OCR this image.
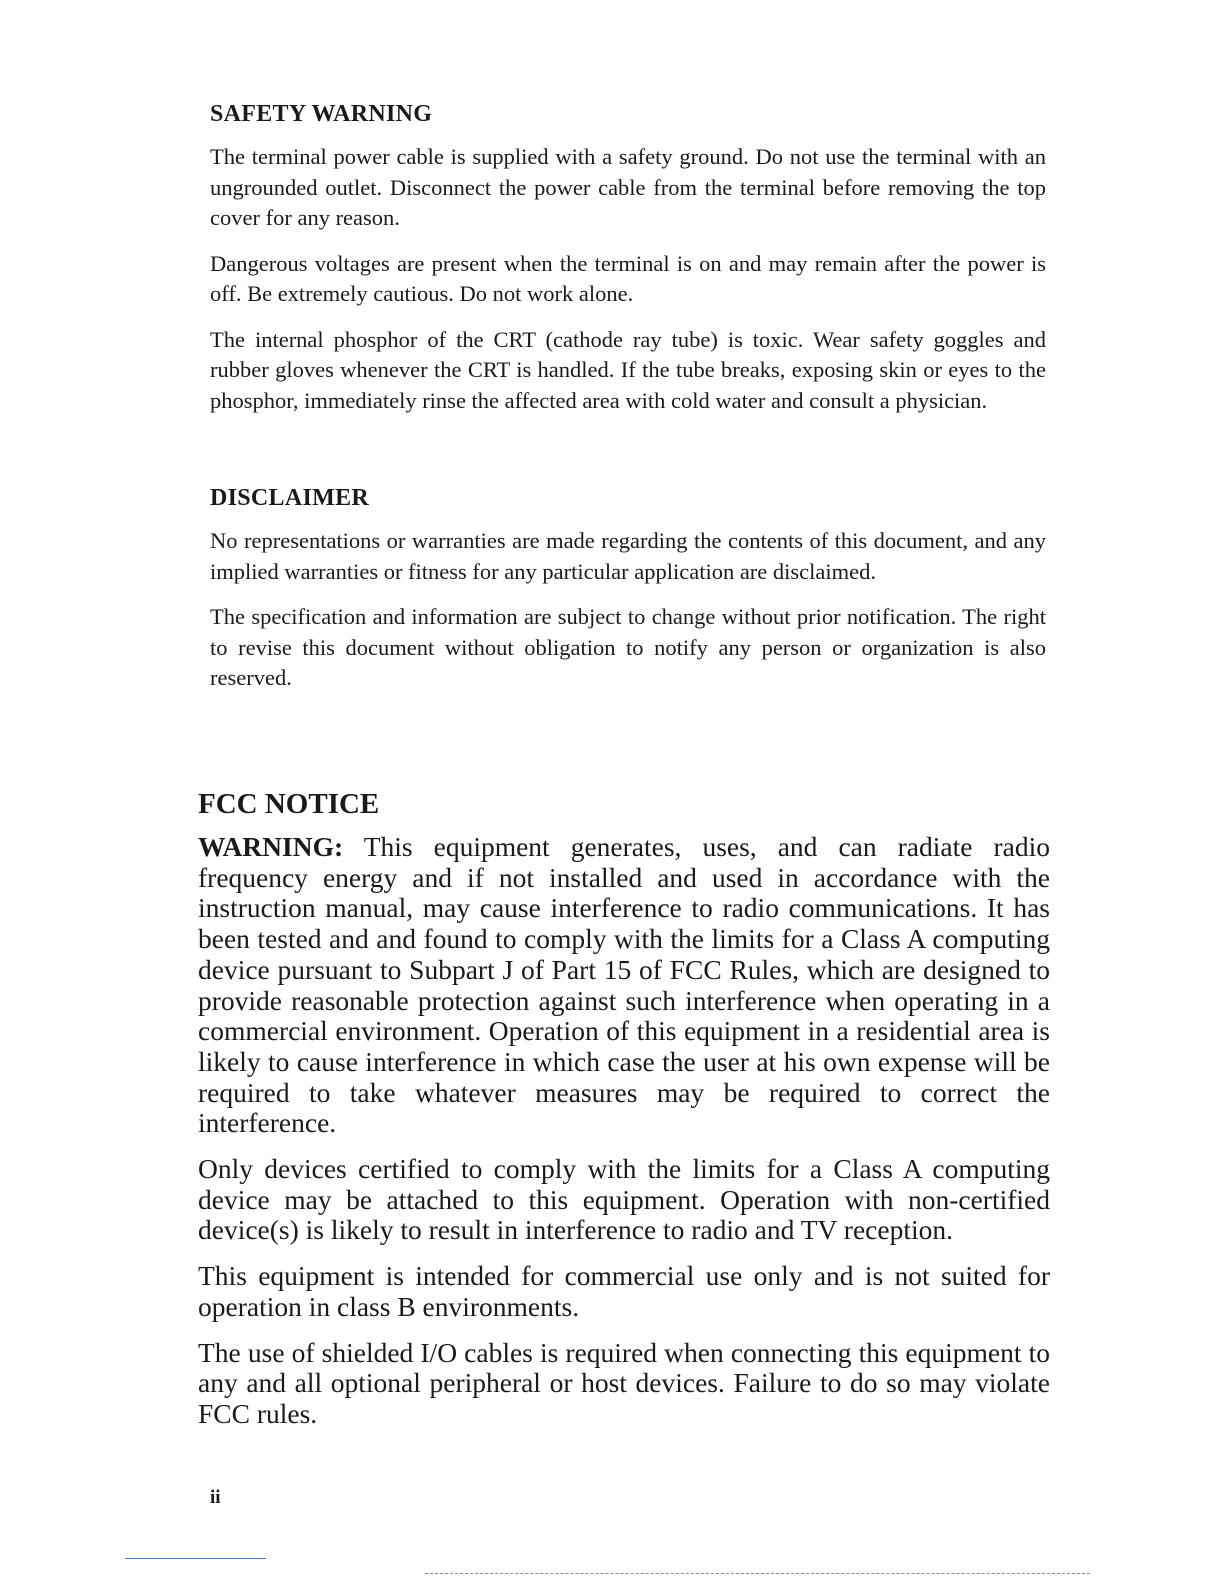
SAFETY WARNING

The terminal power cable is supplied with a safety ground. Do not use the terminal with an ungrounded outlet. Disconnect the power cable from the terminal before removing the top cover for any reason.

Dangerous voltages are present when the terminal is on and may remain after the power is off. Be extremely cautious. Do not work alone.

The internal phosphor of the CRT (cathode ray tube) is toxic. Wear safety goggles and rubber gloves whenever the CRT is handled. If the tube breaks, exposing skin or eyes to the phosphor, immediately rinse the affected area with cold water and consult a physician.

DISCLAIMER

No representations or warranties are made regarding the contents of this document, and any implied warranties or fitness for any particular application are disclaimed.

The specification and information are subject to change without prior notification. The right to revise this document without obligation to notify any person or organization is also reserved.

FCC NOTICE

WARNING: This equipment generates, uses, and can radiate radio frequency energy and if not installed and used in accordance with the instruction manual, may cause interference to radio communications. It has been tested and and found to comply with the limits for a Class A computing device pursuant to Subpart J of Part 15 of FCC Rules, which are designed to provide reasonable protection against such interference when operating in a commercial environment. Operation of this equipment in a residential area is likely to cause interference in which case the user at his own expense will be required to take whatever measures may be required to correct the interference.

Only devices certified to comply with the limits for a Class A computing device may be attached to this equipment. Operation with non-certified device(s) is likely to result in interference to radio and TV reception.

This equipment is intended for commercial use only and is not suited for operation in class B environments.

The use of shielded I/O cables is required when connecting this equipment to any and all optional peripheral or host devices. Failure to do so may violate FCC rules.

ii
